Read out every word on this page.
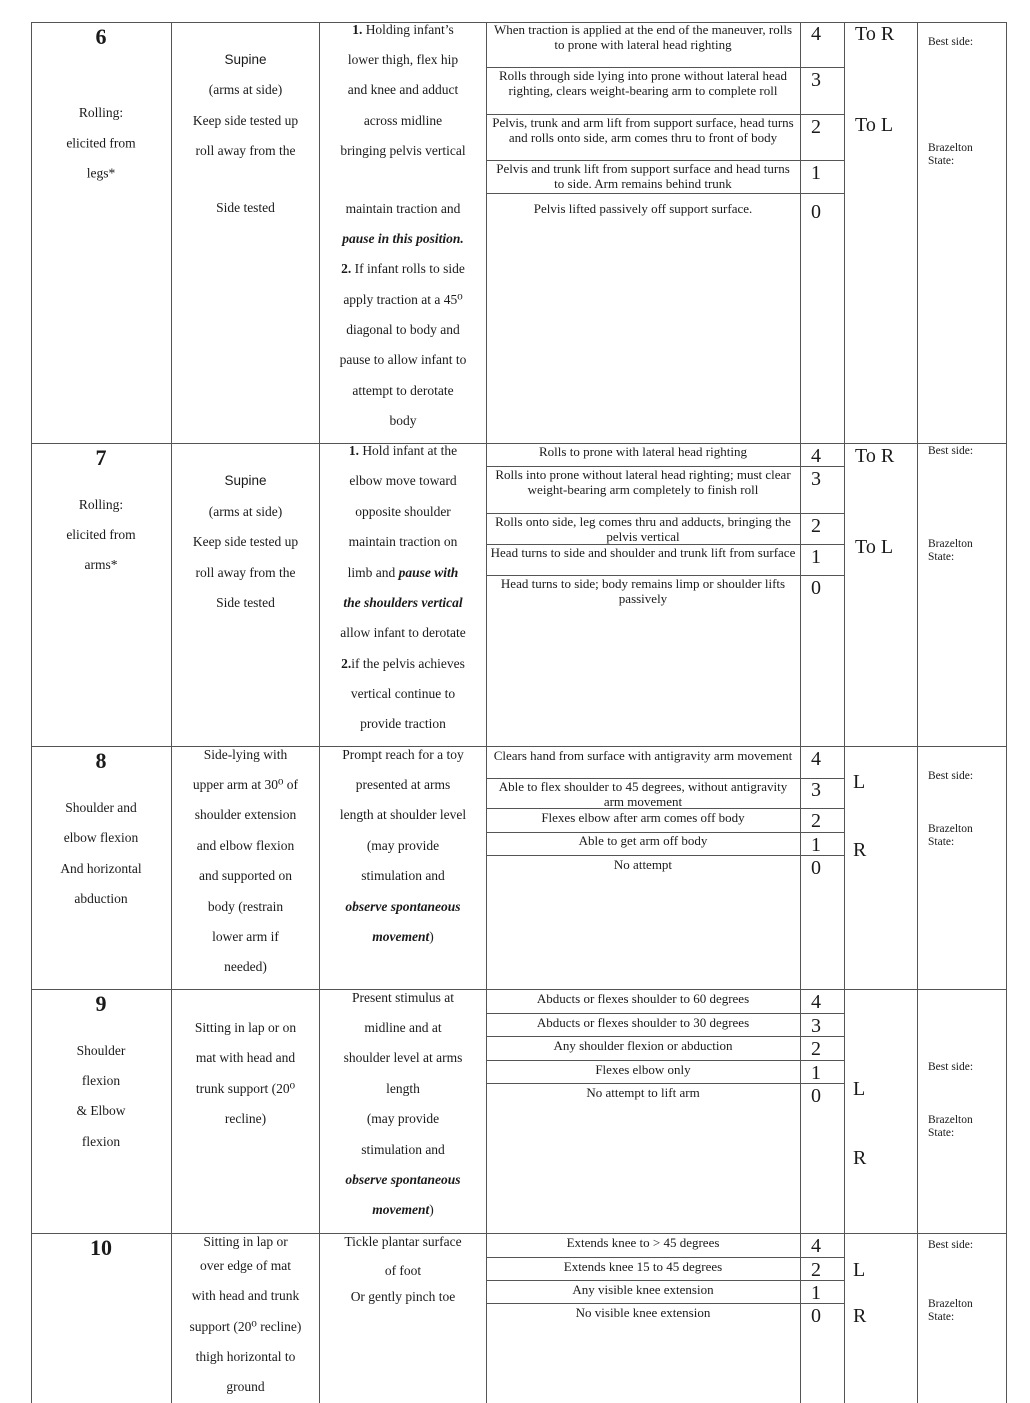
6
Rolling:
elicited from
legs*
Supine
(arms at side)
Keep side tested up
roll away from the
Side tested
1. Holding infant’s
lower thigh, flex hip
and knee and adduct
across midline
bringing pelvis vertical
maintain traction and
pause in this position.
2. If infant rolls to side
apply traction at a 45⁰
diagonal to body and
pause to allow infant to
attempt to derotate
body
When traction is applied at the end of the maneuver, rolls to prone with lateral head righting
Rolls through side lying into prone without lateral head righting, clears weight-bearing arm to complete roll
Pelvis, trunk and arm lift from support surface, head turns and rolls onto side, arm comes thru to front of body
Pelvis and trunk lift from support surface and head turns to side. Arm remains behind trunk
Pelvis lifted passively off support surface.
4
3
2
1
0
To R
To L
Best side:
Brazelton State:
7
Rolling:
elicited from
arms*
Supine
(arms at side)
Keep side tested up
roll away from the
Side tested
1. Hold infant at the
elbow move toward
opposite shoulder
maintain traction on
limb and pause with
the shoulders vertical
allow infant to derotate
2.if the pelvis achieves
vertical continue to
provide traction
Rolls to prone with lateral head righting
Rolls into prone without lateral head righting; must clear weight-bearing arm completely to finish roll
Rolls onto side, leg comes thru and adducts, bringing the pelvis vertical
Head turns to side and shoulder and trunk lift from surface
Head turns to side; body remains limp or shoulder lifts passively
4
3
2
1
0
To R
To L
Best side:
Brazelton State:
8
Shoulder and
elbow flexion
And horizontal
abduction
Side-lying with
upper arm at 30⁰ of
shoulder extension
and elbow flexion
and supported on
body (restrain
lower arm if
needed)
Prompt reach for a toy
presented at arms
length at shoulder level
(may provide
stimulation and
observe spontaneous
movement)
Clears hand from surface with antigravity arm movement
Able to flex shoulder to 45 degrees, without antigravity arm movement
Flexes elbow after arm comes off body
Able to get arm off body
No attempt
4
3
2
1
0
L
R
Best side:
Brazelton State:
9
Shoulder
flexion
& Elbow
flexion
Sitting in lap or on
mat with head and
trunk support (20⁰
recline)
Present stimulus at
midline and at
shoulder level at arms
length
(may provide
stimulation and
observe spontaneous
movement)
Abducts or flexes shoulder to 60 degrees
Abducts or flexes shoulder to 30 degrees
Any shoulder flexion or abduction
Flexes elbow only
No attempt to lift arm
4
3
2
1
0	L
R
Best side:
Brazelton State:
10	Sitting in lap or
over edge of mat
with head and trunk
support (20⁰ recline)
thigh horizontal to
ground
Tickle plantar surface
of foot
Or gently pinch toe
Extends knee to > 45 degrees
Extends knee 15 to 45 degrees
Any visible knee extension
No visible knee extension
4
2
1
0
L
R
Best side:
Brazelton State:
